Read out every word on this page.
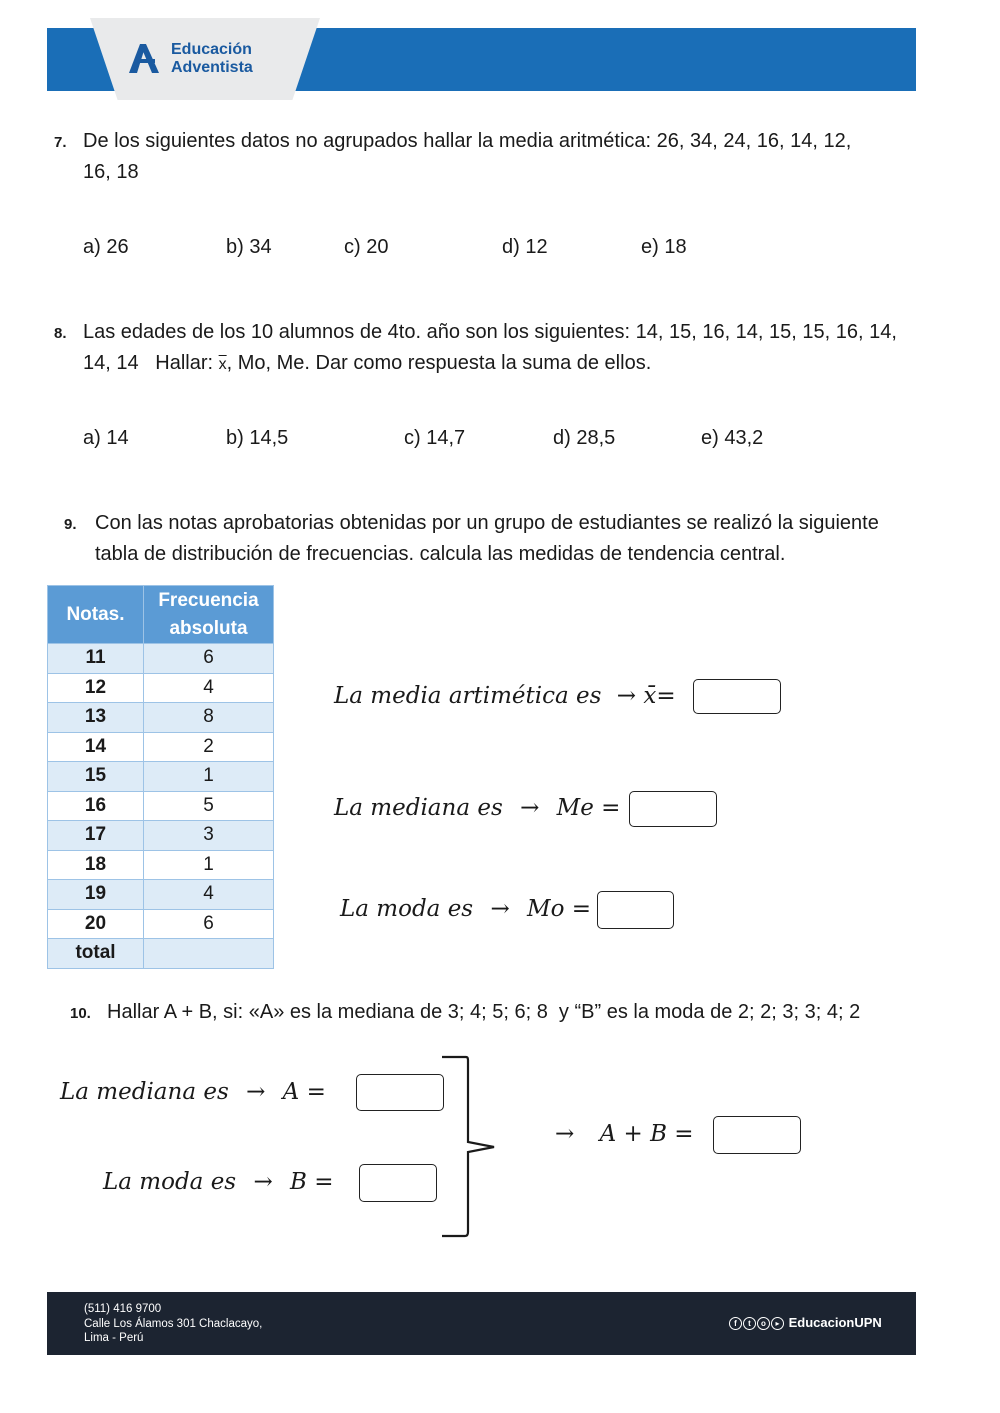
Educación
Adventista
7. De los siguientes datos no agrupados hallar la media aritmética: 26, 34, 24, 16, 14, 12,
16, 18
a) 26	b) 34	c) 20	d) 12	e) 18
8. Las edades de los 10 alumnos de 4to. año son los siguientes: 14, 15, 16, 14, 15, 15, 16, 14,
14, 14   Hallar: $\overline{x}$, Mo, Me. Dar como respuesta la suma de ellos.
a) 14	b) 14,5	c) 14,7	d) 28,5	e) 43,2
9. Con las notas aprobatorias obtenidas por un grupo de estudiantes se realizó la siguiente
tabla de distribución de frecuencias. calcula las medidas de tendencia central.
Notas.	Frecuencia
absoluta

11	6
12	4
13	8
14	2
15	1
16	5
17	3
18	1
19	4
20	6
total	
La media artimética es → x̄=
La mediana es → Me =
La moda es → Mo =
10. Hallar A + B, si: «A» es la mediana de 3; 4; 5; 6; 8  y “B” es la moda de 2; 2; 3; 3; 4; 2
La mediana es → A =
La moda es → B =
→ A + B =
(511) 416 9700
Calle Los Álamos 301 Chaclacayo,
Lima - Perú
f t o ▸ EducacionUPN
